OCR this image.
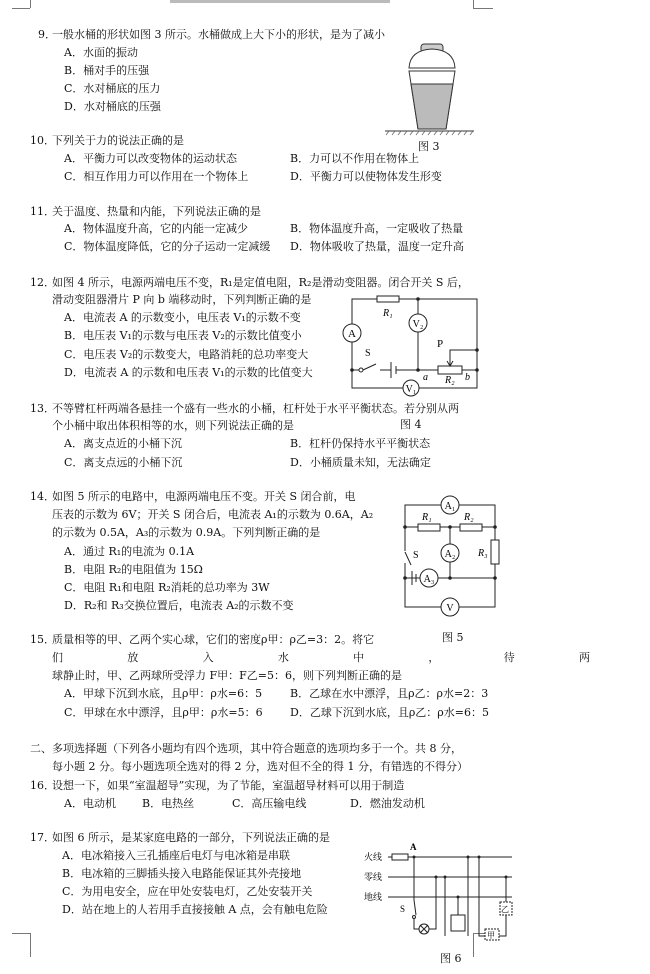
9．
一般水桶的形状如图 3 所示。水桶做成上大下小的形状，是为了减小
A．水面的振动
B．桶对手的压强
C．水对桶底的压力
D．水对桶底的压强
图 3
10．
下列关于力的说法正确的是
A．平衡力可以改变物体的运动状态	B．力可以不作用在物体上
C．相互作用力可以作用在一个物体上	D．平衡力可以使物体发生形变
11．
关于温度、热量和内能，下列说法正确的是
A．物体温度升高，它的内能一定减少	B．物体温度升高，一定吸收了热量
C．物体温度降低，它的分子运动一定减缓 D．物体吸收了热量，温度一定升高
12．
如图 4 所示，电源两端电压不变，R₁是定值电阻，R₂是滑动变阻器。闭合开关 S 后，
滑动变阻器滑片 P 向 b 端移动时，下列判断正确的是
A．电流表 A 的示数变小，电压表 V₁的示数不变
B．电压表 V₁的示数与电压表 V₂的示数比值变小
C．电压表 V₂的示数变大，电路消耗的总功率变大
D．电流表 A 的示数和电压表 V₁的示数的比值变大
A
V₂
V₁
R₁
R₂
S
P
a	b
图 4
13．
不等臂杠杆两端各悬挂一个盛有一些水的小桶，杠杆处于水平平衡状态。若分别从两
个小桶中取出体积相等的水，则下列说法正确的是
A．离支点近的小桶下沉	B．杠杆仍保持水平平衡状态
C．离支点远的小桶下沉	D．小桶质量未知，无法确定
14．
如图 5 所示的电路中，电源两端电压不变。开关 S 闭合前，电
压表的示数为 6V；开关 S 闭合后，电流表 A₁的示数为 0.6A，A₂
的示数为 0.5A，A₃的示数为 0.9A。下列判断正确的是
A．通过 R₁的电流为 0.1A
B．电阻 R₂的电阻值为 15Ω
C．电阻 R₁和电阻 R₂消耗的总功率为 3W
D．R₂和 R₃交换位置后，电流表 A₂的示数不变
A₁
A₂
A₃
V
R₁	R₂
R₃
S
图 5
15．
质量相等的甲、乙两个实心球，它们的密度ρ甲：ρ乙=3：2。将它
们	放	入	水	中	，	待	两
球静止时，甲、乙两球所受浮力 F甲：F乙=5：6，则下列判断正确的是
A．甲球下沉到水底，且ρ甲：ρ水=6：5	B．乙球在水中漂浮，且ρ乙：ρ水=2：3
C．甲球在水中漂浮，且ρ甲：ρ水=5：6 D．乙球下沉到水底，且ρ乙：ρ水=6：5
二、多项选择题（下列各小题均有四个选项，其中符合题意的选项均多于一个。共 8 分，
每小题 2 分。每小题选项全选对的得 2 分，选对但不全的得 1 分，有错选的不得分）
16．
设想一下，如果“室温超导”实现，为了节能，室温超导材料可以用于制造
A．电动机 B．电热丝	C．高压输电线	D．燃油发动机
17．
如图 6 所示，是某家庭电路的一部分，下列说法正确的是
A．电冰箱接入三孔插座后电灯与电冰箱是串联
B．电冰箱的三脚插头接入电路能保证其外壳接地
C．为用电安全，应在甲处安装电灯，乙处安装开关
D．站在地上的人若用手直接接触 A 点，会有触电危险
火线
零线
地线
A
S
甲
乙
图 6
